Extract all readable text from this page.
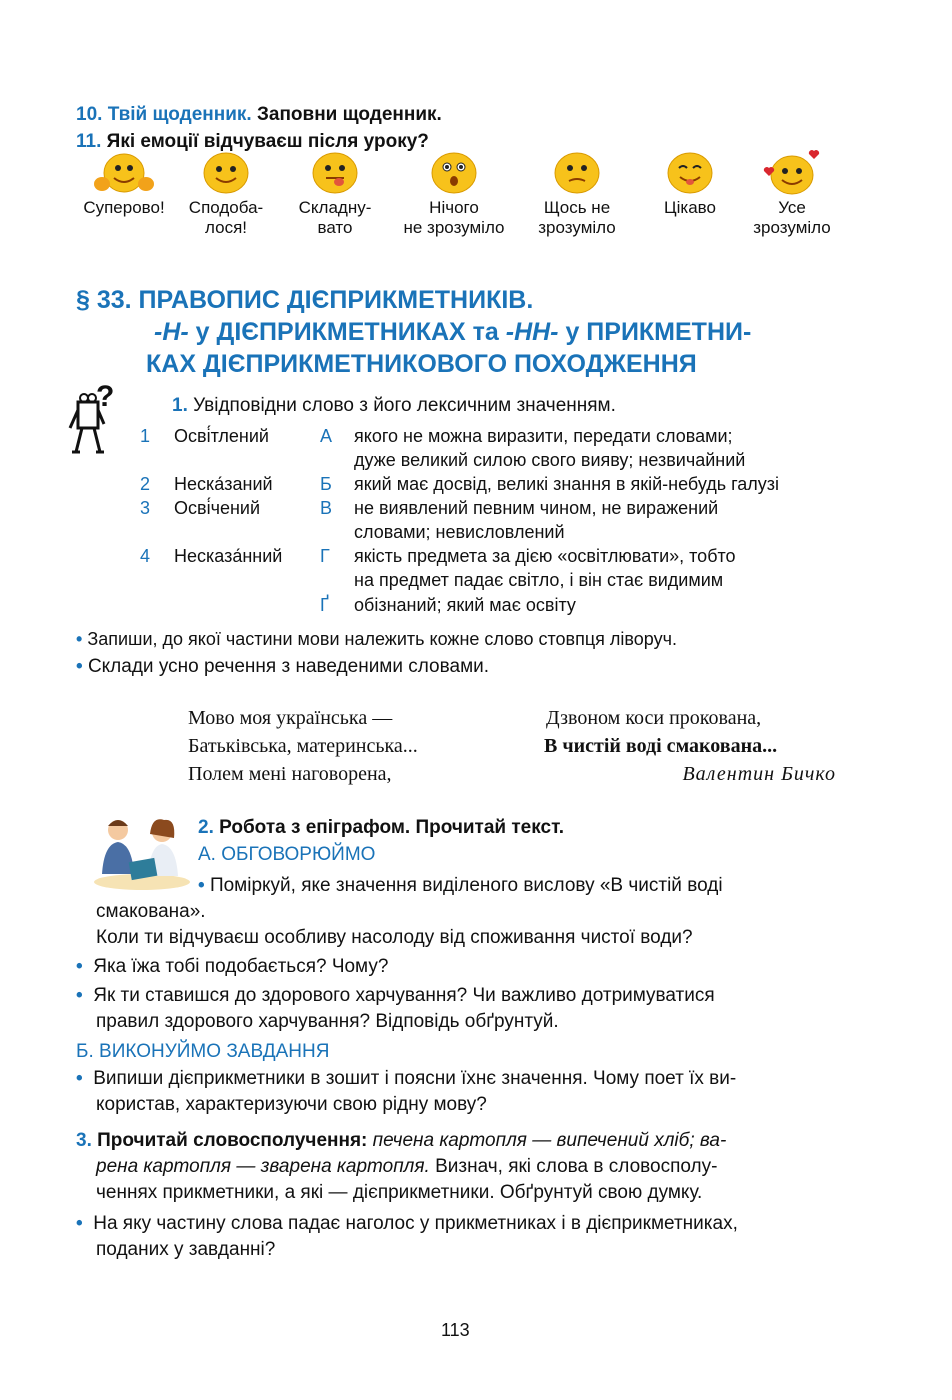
10. Твій щоденник. Заповни щоденник.
11. Які емоції відчуваєш після уроку?
Суперово!	Сподоба-
лося!
Складну-
вато
Нічого
не зрозуміло
Щось не
зрозуміло
Цікаво	Усе
зрозуміло
§ 33. ПРАВОПИС ДІЄПРИКМЕТНИКІВ.
-Н- у ДІЄПРИКМЕТНИКАХ та -НН- у ПРИКМЕТНИ-
КАХ ДІЄПРИКМЕТНИКОВОГО ПОХОДЖЕННЯ
?	1. Увідповідни слово з його лексичним значенням.
1 Осві́тлений	А якого не можна виразити, передати словами;
дуже великий силою свого вияву; незвичайний
2 Неска́заний	Б який має досвід, великі знання в якій-небудь галузі
3 Осві́чений	В не виявлений певним чином, не виражений
словами; невисловлений
4 Несказа́нний Г якість предмета за дією «освітлювати», тобто
на предмет падає світло, і він стає видимим
Ґ обізнаний; який має освіту
• Запиши, до якої частини мови належить кожне слово стовпця ліворуч.
• Склади усно речення з наведеними словами.
Мово моя українська —
Батьківська, материнська...
Полем мені наговорена,
Дзвоном коси прокована,
В чистій воді смакована...
Валентин Бичко
2. Робота з епіграфом. Прочитай текст.
А. ОБГОВОРЮЙМО
• Поміркуй, яке значення виділеного вислову «В чистій воді
смакована».
Коли ти відчуваєш особливу насолоду від споживання чистої води?
• Яка їжа тобі подобається? Чому?
• Як ти ставишся до здорового харчування? Чи важливо дотримуватися
правил здорового харчування? Відповідь обґрунтуй.
Б. ВИКОНУЙМО ЗАВДАННЯ
• Випиши дієприкметники в зошит і поясни їхнє значення. Чому поет їх ви-
користав, характеризуючи свою рідну мову?
3. Прочитай словосполучення: печена картопля — випечений хліб; ва-
рена картопля — зварена картопля. Визнач, які слова в словосполу-
ченнях прикметники, а які — дієприкметники. Обґрунтуй свою думку.
• На яку частину слова падає наголос у прикметниках і в дієприкметниках,
поданих у завданні?
113
